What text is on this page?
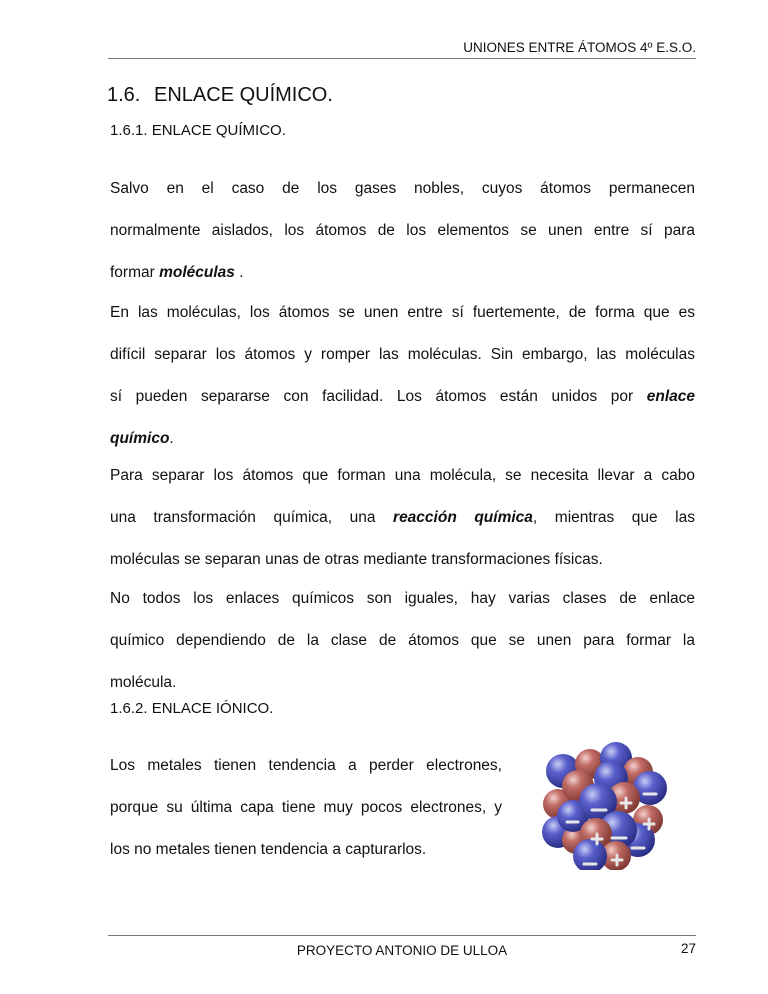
UNIONES ENTRE ÁTOMOS 4º E.S.O.
1.6. ENLACE QUÍMICO.
1.6.1. ENLACE QUÍMICO.
Salvo en el caso de los gases nobles, cuyos átomos permanecen
normalmente aislados, los átomos de los elementos se unen entre sí para
formar moléculas .
En las moléculas, los átomos se unen entre sí fuertemente, de forma que es
difícil separar los átomos y romper las moléculas. Sin embargo, las moléculas
sí pueden separarse con facilidad. Los átomos están unidos por enlace
químico.
Para separar los átomos que forman una molécula, se necesita llevar a cabo
una transformación química, una reacción química, mientras que las
moléculas se separan unas de otras mediante transformaciones físicas.
No todos los enlaces químicos son iguales, hay varias clases de enlace
químico dependiendo de la clase de átomos que se unen para formar la
molécula.
1.6.2. ENLACE IÓNICO.
Los metales tienen tendencia a perder electrones,
porque su última capa tiene muy pocos electrones, y
los no metales tienen tendencia a capturarlos.
PROYECTO ANTONIO DE ULLOA	27
